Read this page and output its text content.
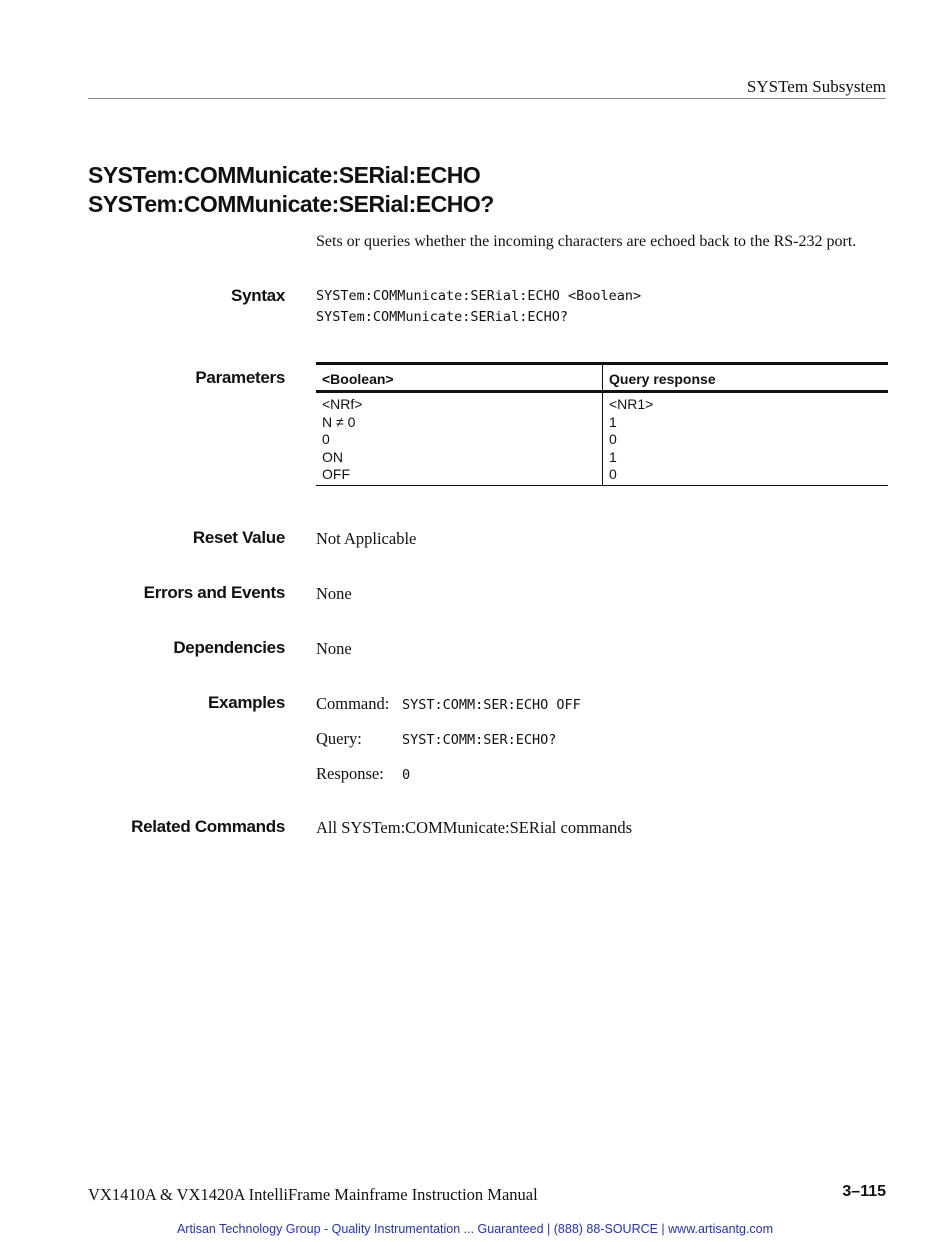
SYSTem Subsystem
SYSTem:COMMunicate:SERial:ECHO
SYSTem:COMMunicate:SERial:ECHO?
Sets or queries whether the incoming characters are echoed back to the RS-232 port.
Syntax SYSTem:COMMunicate:SERial:ECHO <Boolean>
SYSTem:COMMunicate:SERial:ECHO?
Parameters	<Boolean>	Query response
<NRf>	<NR1>
N ≠ 0	1
0	0
ON	1
OFF	0
Reset Value Not Applicable
Errors and Events None
Dependencies None
Examples Command: SYST:COMM:SER:ECHO OFF
Query:	SYST:COMM:SER:ECHO?
Response: 0
Related Commands All SYSTem:COMMunicate:SERial commands
VX1410A & VX1420A IntelliFrame Mainframe Instruction Manual	3–115
Artisan Technology Group - Quality Instrumentation ... Guaranteed | (888) 88-SOURCE | www.artisantg.com
